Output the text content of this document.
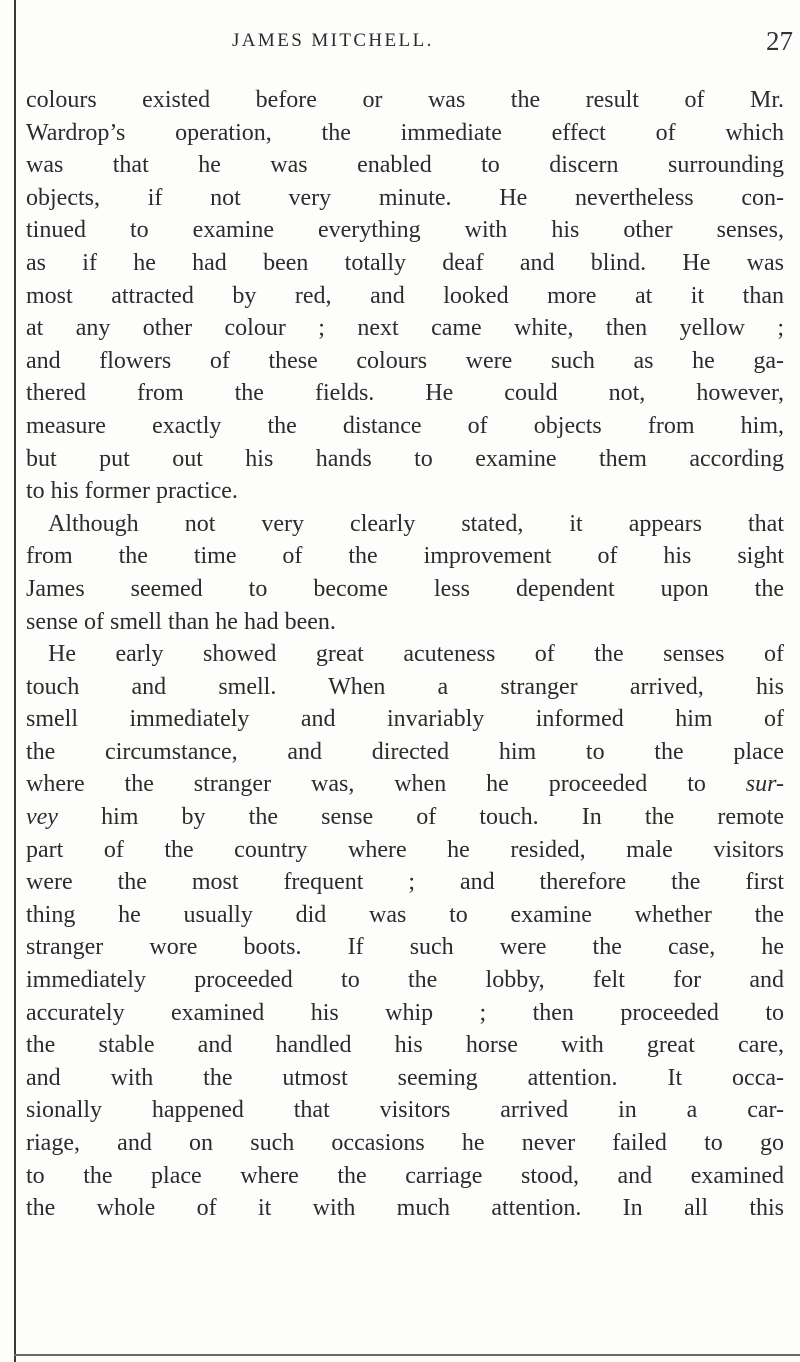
JAMES MITCHELL.	27
colours existed before or was the result of Mr.
Wardrop’s operation, the immediate effect of which
was that he was enabled to discern surrounding
objects, if not very minute. He nevertheless con-
tinued to examine everything with his other senses,
as if he had been totally deaf and blind. He was
most attracted by red, and looked more at it than
at any other colour ; next came white, then yellow ;
and flowers of these colours were such as he ga-
thered from the fields. He could not, however,
measure exactly the distance of objects from him,
but put out his hands to examine them according
to his former practice.
Although not very clearly stated, it appears that
from the time of the improvement of his sight
James seemed to become less dependent upon the
sense of smell than he had been.
He early showed great acuteness of the senses of
touch and smell. When a stranger arrived, his
smell immediately and invariably informed him of
the circumstance, and directed him to the place
where the stranger was, when he proceeded to sur-
vey him by the sense of touch. In the remote
part of the country where he resided, male visitors
were the most frequent ; and therefore the first
thing he usually did was to examine whether the
stranger wore boots. If such were the case, he
immediately proceeded to the lobby, felt for and
accurately examined his whip ; then proceeded to
the stable and handled his horse with great care,
and with the utmost seeming attention. It occa-
sionally happened that visitors arrived in a car-
riage, and on such occasions he never failed to go
to the place where the carriage stood, and examined
the whole of it with much attention. In all this
